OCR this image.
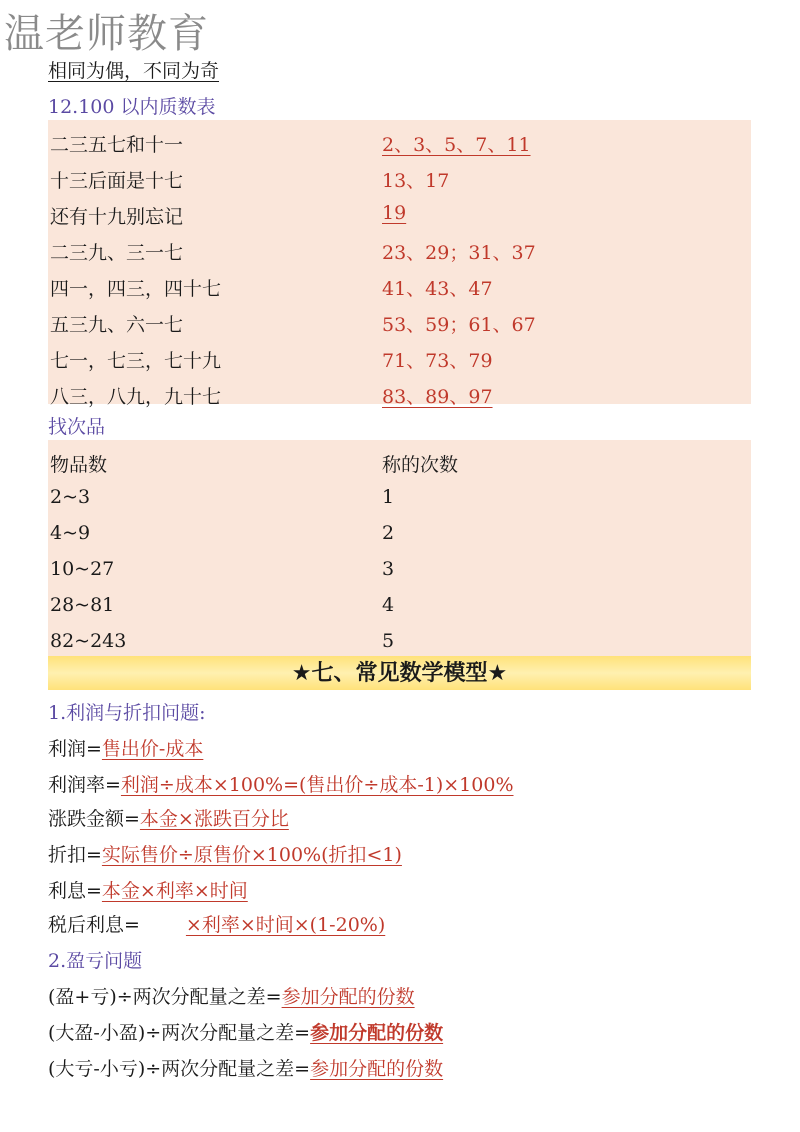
温老师教育
相同为偶，不同为奇
12.100 以内质数表
二三五七和十一	2、3、5、7、11
十三后面是十七	13、17
还有十九别忘记	19
二三九、三一七	23、29；31、37
四一，四三，四十七	41、43、47
五三九、六一七	53、59；61、67
七一，七三，七十九	71、73、79
八三，八九，九十七	83、89、97
找次品
物品数	称的次数
2~3	1
4~9	2
10~27	3
28~81	4
82~243	5
★七、常见数学模型★
1.利润与折扣问题:
利润=售出价-成本
利润率=利润÷成本×100%=(售出价÷成本-1)×100%
涨跌金额=本金×涨跌百分比
折扣=实际售价÷原售价×100%(折扣<1)
利息=本金×利率×时间
税后利息= ×利率×时间×(1-20%)
2.盈亏问题
(盈+亏)÷两次分配量之差=参加分配的份数
(大盈-小盈)÷两次分配量之差=参加分配的份数
(大亏-小亏)÷两次分配量之差=参加分配的份数
